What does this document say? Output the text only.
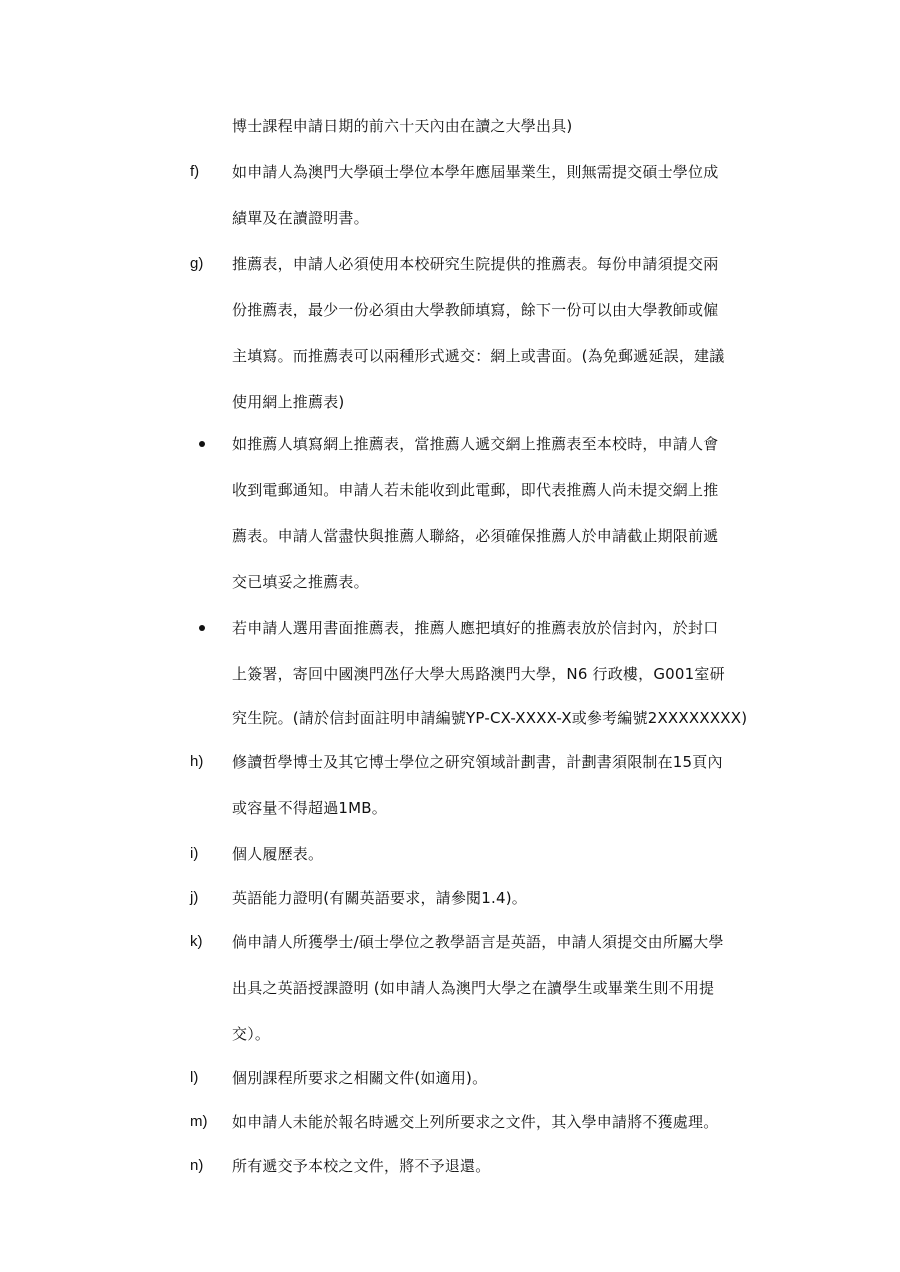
博士課程申請日期的前六十天內由在讀之大學出具)
f) 如申請人為澳門大學碩士學位本學年應屆畢業生，則無需提交碩士學位成
績單及在讀證明書。
g) 推薦表，申請人必須使用本校研究生院提供的推薦表。每份申請須提交兩
份推薦表，最少一份必須由大學教師填寫，餘下一份可以由大學教師或僱
主填寫。而推薦表可以兩種形式遞交：網上或書面。(為免郵遞延誤，建議
使用網上推薦表)
如推薦人填寫網上推薦表，當推薦人遞交網上推薦表至本校時，申請人會
收到電郵通知。申請人若未能收到此電郵，即代表推薦人尚未提交網上推
薦表。申請人當盡快與推薦人聯絡，必須確保推薦人於申請截止期限前遞
交已填妥之推薦表。
若申請人選用書面推薦表，推薦人應把填好的推薦表放於信封內，於封口
上簽署，寄回中國澳門氹仔大學大馬路澳門大學，N6 行政樓，G001室研
究生院。(請於信封面註明申請編號YP-CX-XXXX-X或參考編號2XXXXXXXX)
h) 修讀哲學博士及其它博士學位之研究領域計劃書，計劃書須限制在15頁內
或容量不得超過1MB。
i) 個人履歷表。
j) 英語能力證明(有關英語要求，請參閱1.4)。
k) 倘申請人所獲學士/碩士學位之教學語言是英語，申請人須提交由所屬大學
出具之英語授課證明 (如申請人為澳門大學之在讀學生或畢業生則不用提
交）。
l) 個別課程所要求之相關文件(如適用)。
m) 如申請人未能於報名時遞交上列所要求之文件，其入學申請將不獲處理。
n) 所有遞交予本校之文件，將不予退還。
